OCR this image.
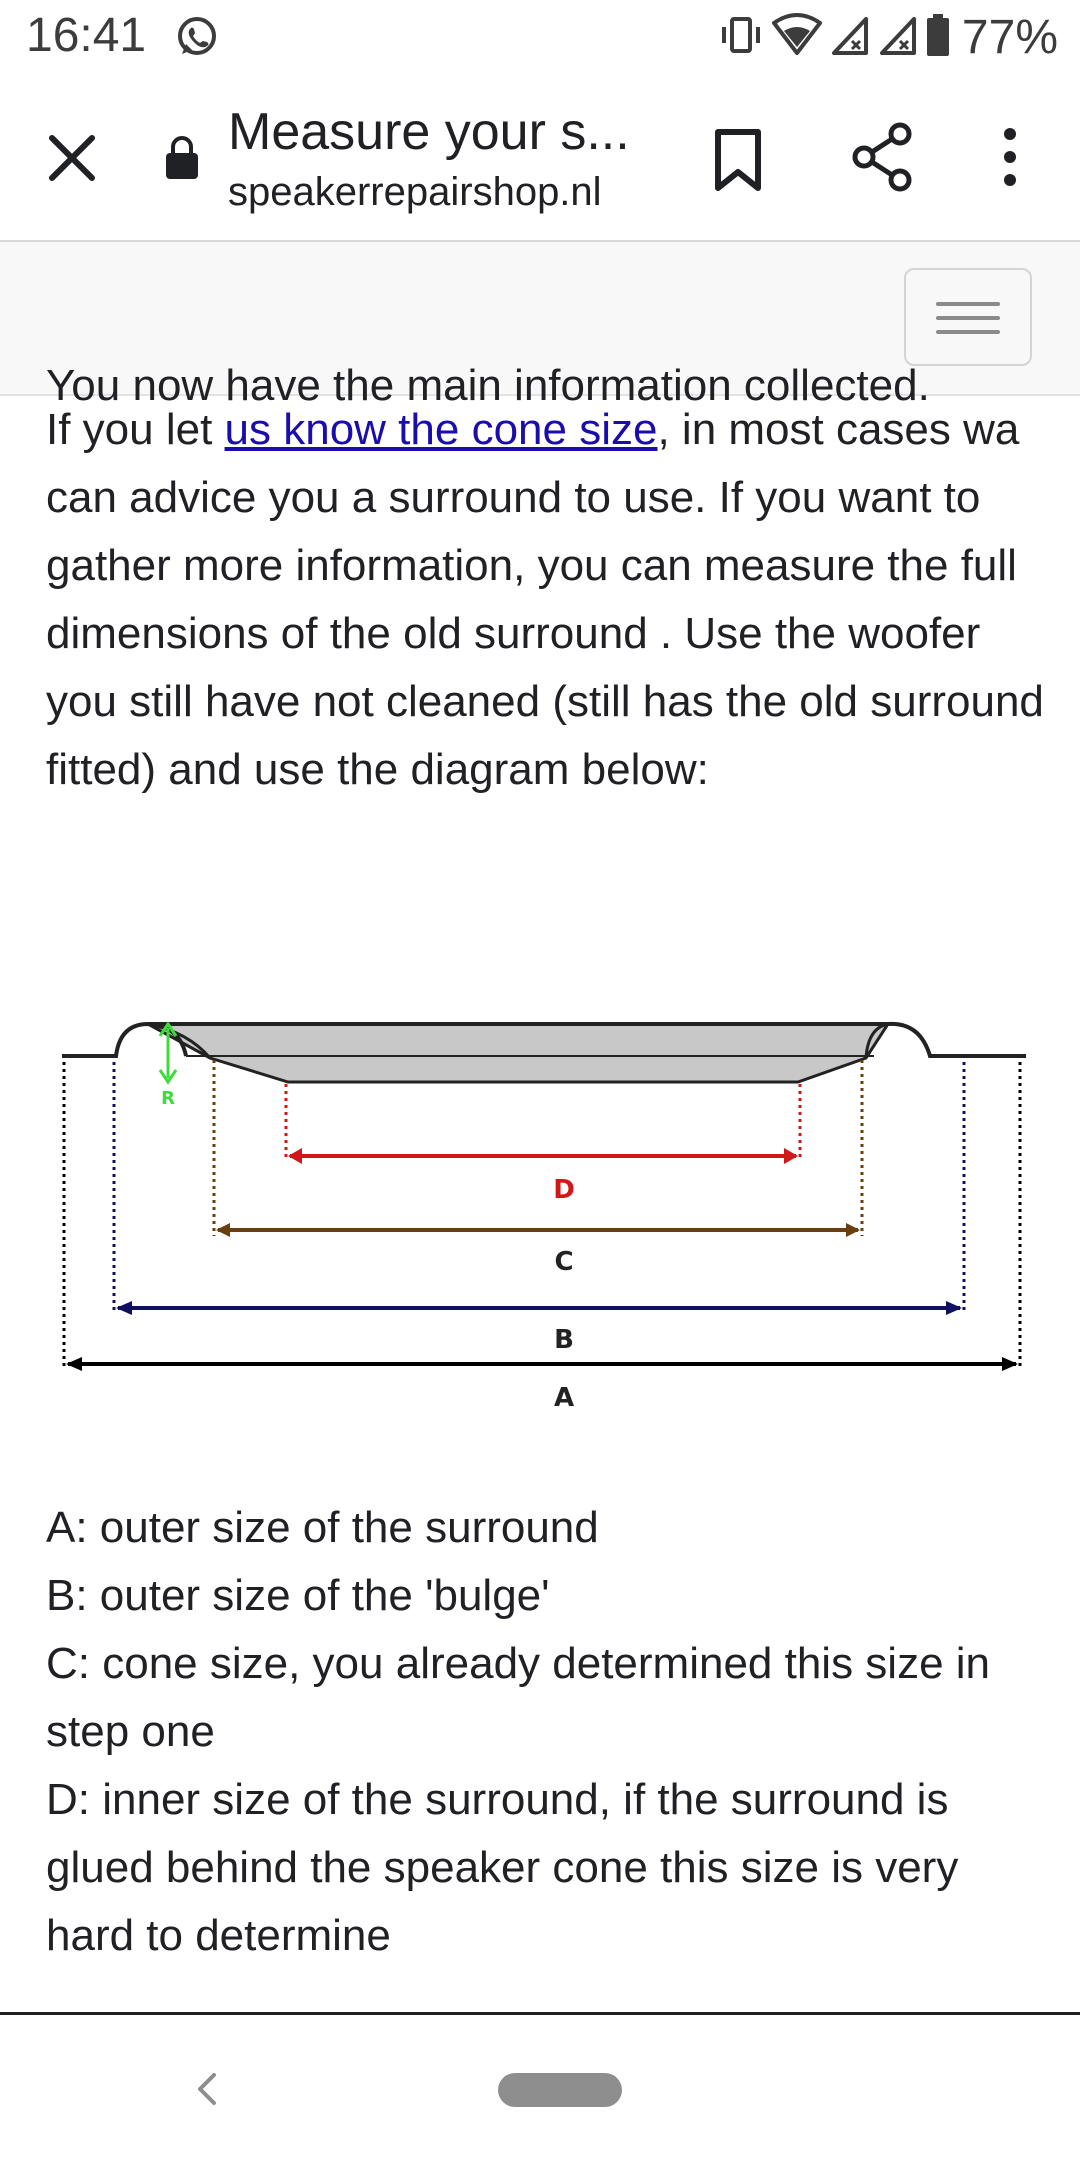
16:41	77%
Measure your s...
speakerrepairshop.nl
You now have the main information collected.

If you let us know the cone size, in most cases wa can advice you a surround to use. If you want to gather more information, you can measure the full dimensions of the old surround . Use the woofer you still have not cleaned (still has the old surround fitted) and use the diagram below:

R
D
C
B
A
A: outer size of the surround
B: outer size of the 'bulge'
C: cone size, you already determined this size in step one
D: inner size of the surround, if the surround is glued behind the speaker cone this size is very hard to determine
